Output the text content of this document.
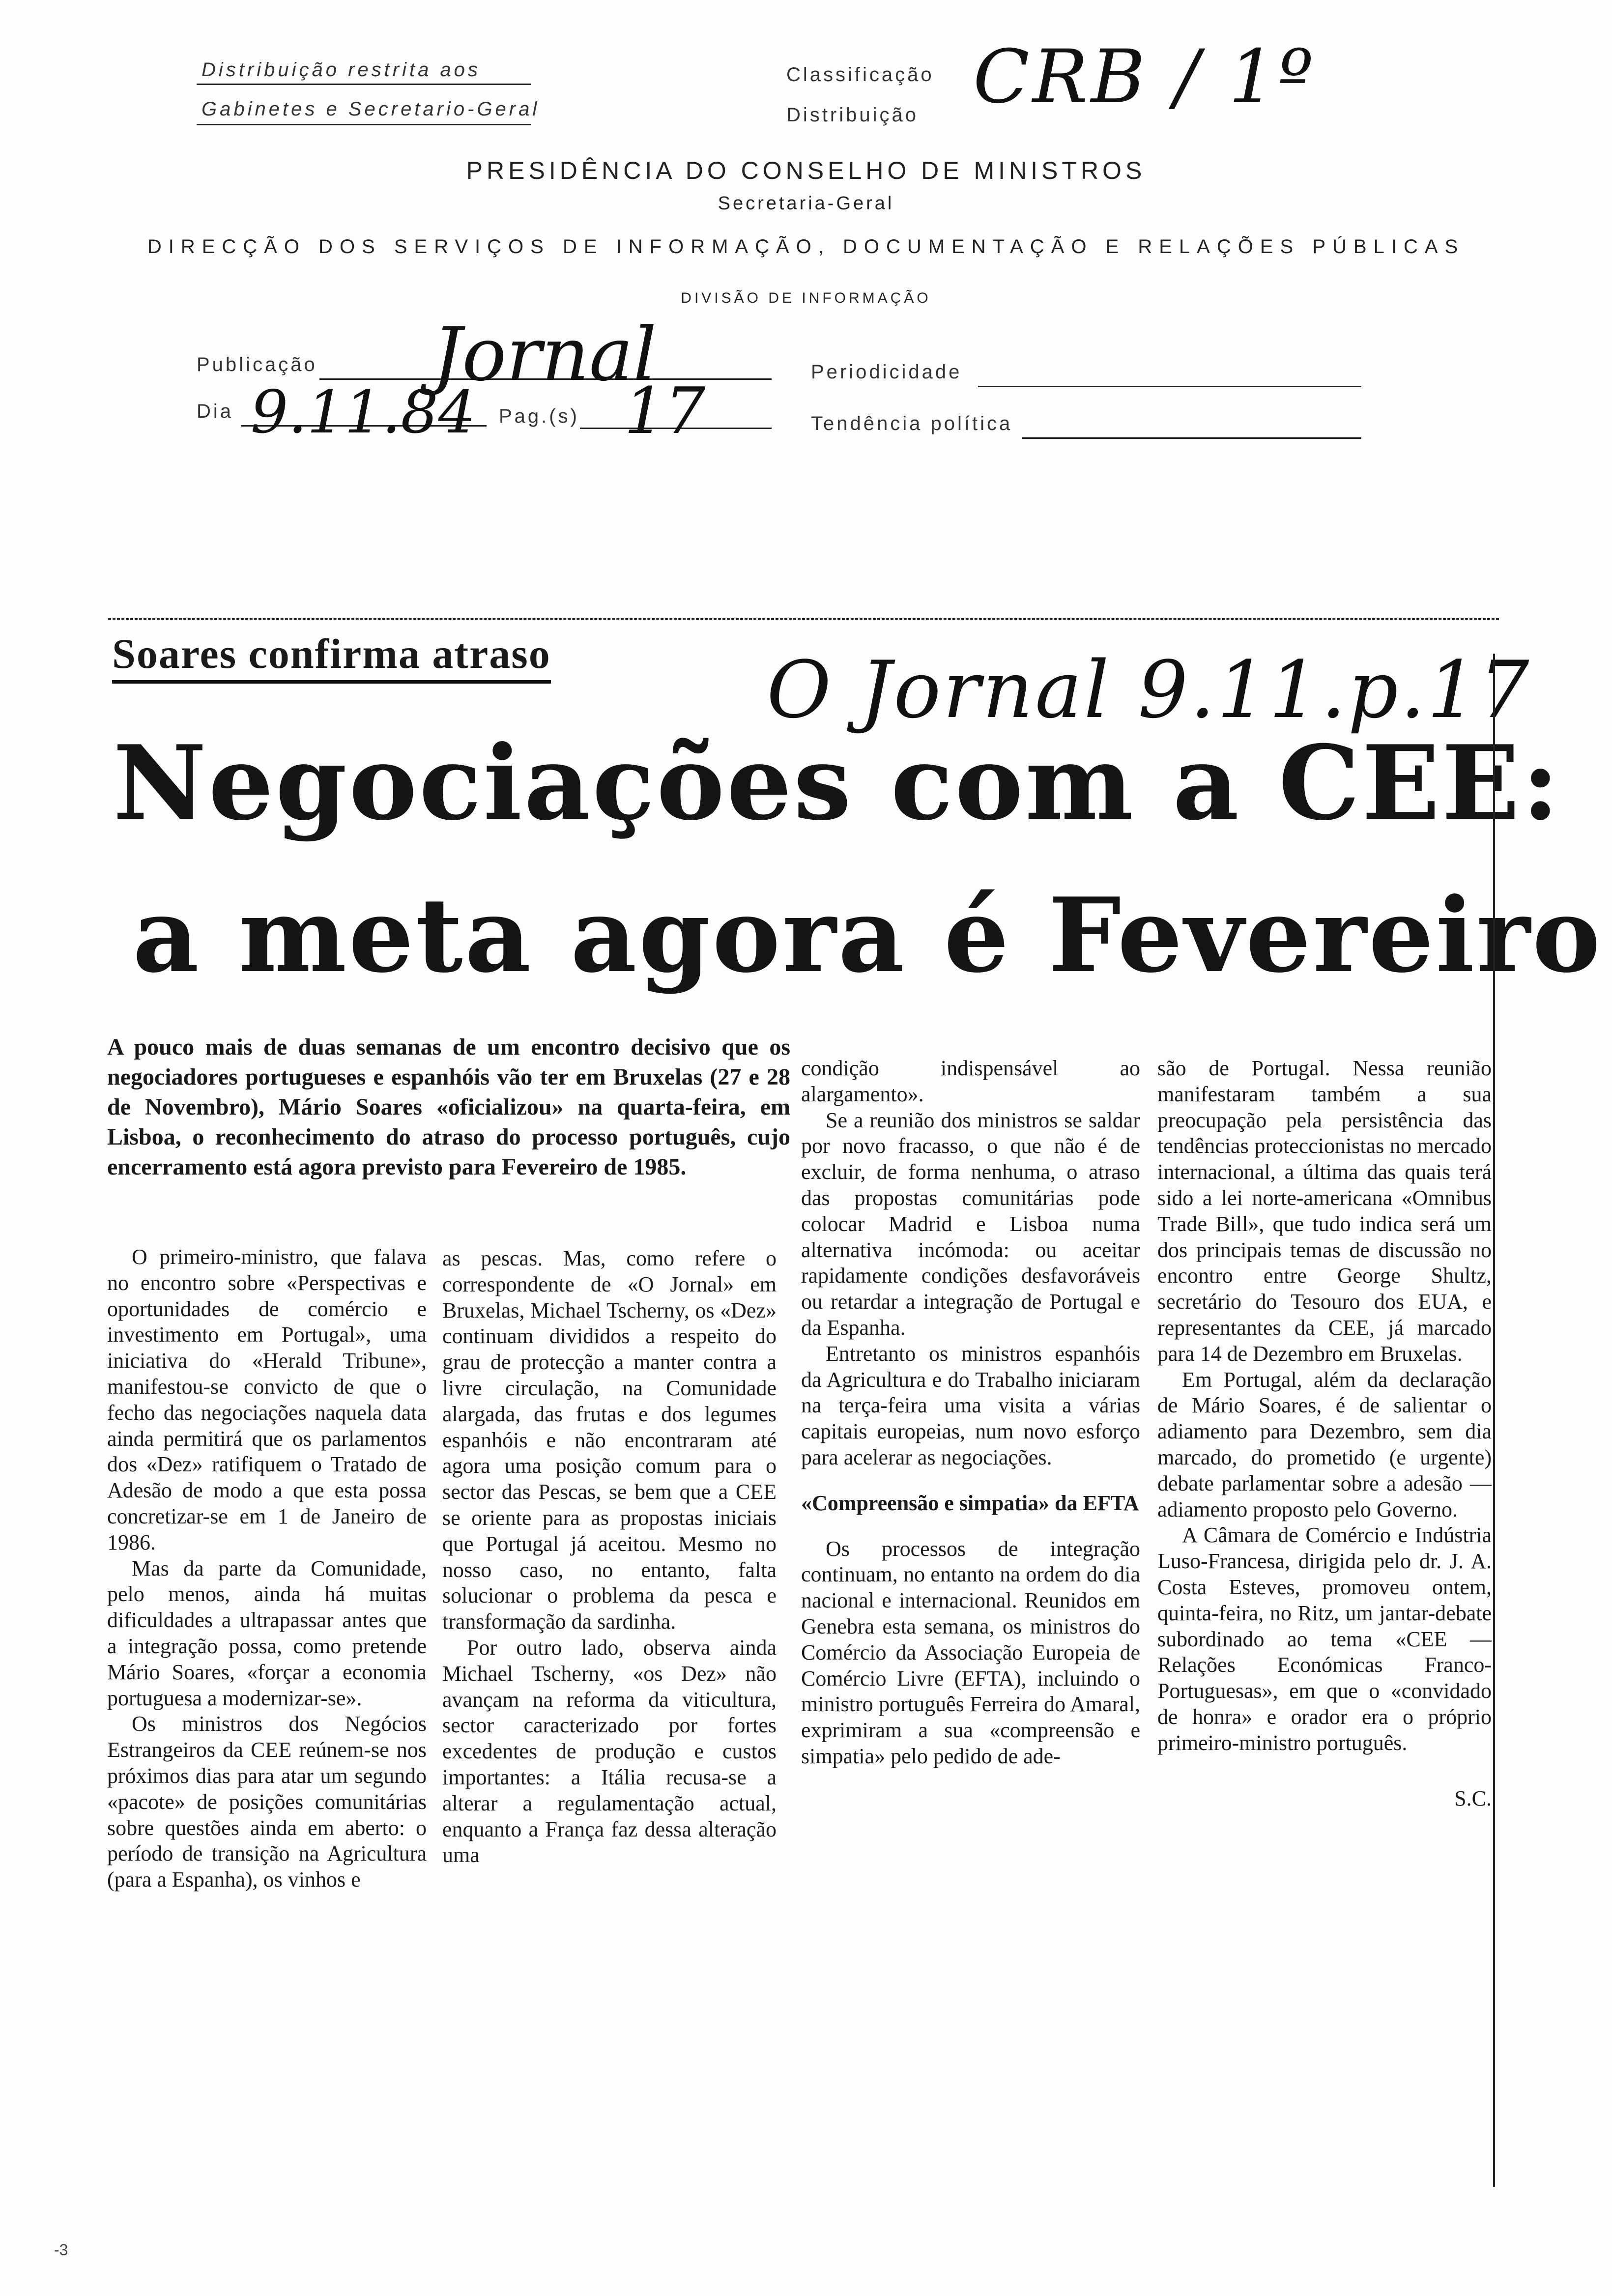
Distribuição restrita aos
Gabinetes e Secretario-Geral
Classificação
Distribuição CRB / 1º
PRESIDÊNCIA DO CONSELHO DE MINISTROS
Secretaria-Geral
DIRECÇÃO DOS SERVIÇOS DE INFORMAÇÃO, DOCUMENTAÇÃO E RELAÇÕES PÚBLICAS
DIVISÃO DE INFORMAÇÃO
Publicação Jornal	Periodicidade
Dia 9.11.84 Pag.(s) 17	Tendência política
Soares confirma atraso	O Jornal 9.11.p.17
Negociações com a CEE:
a meta agora é Fevereiro
A pouco mais de duas semanas de um encontro decisivo que os negociadores portugueses e espanhóis vão ter em Bruxelas (27 e 28 de Novembro), Mário Soares «oficializou» na quarta-feira, em Lisboa, o reconhecimento do atraso do processo português, cujo encerramento está agora previsto para Fevereiro de 1985.

O primeiro-ministro, que falava no encontro sobre «Perspectivas e oportunidades de comércio e investimento em Portugal», uma iniciativa do «Herald Tribune», manifestou-se convicto de que o fecho das negociações naquela data ainda permitirá que os parlamentos dos «Dez» ratifiquem o Tratado de Adesão de modo a que esta possa concretizar-se em 1 de Janeiro de 1986.

Mas da parte da Comunidade, pelo menos, ainda há muitas dificuldades a ultrapassar antes que a integração possa, como pretende Mário Soares, «forçar a economia portuguesa a modernizar-se».

Os ministros dos Negócios Estrangeiros da CEE reúnem-se nos próximos dias para atar um segundo «pacote» de posições comunitárias sobre questões ainda em aberto: o período de transição na Agricultura (para a Espanha), os vinhos e

as pescas. Mas, como refere o correspondente de «O Jornal» em Bruxelas, Michael Tscherny, os «Dez» continuam divididos a respeito do grau de protecção a manter contra a livre circulação, na Comunidade alargada, das frutas e dos legumes espanhóis e não encontraram até agora uma posição comum para o sector das Pescas, se bem que a CEE se oriente para as propostas iniciais que Portugal já aceitou. Mesmo no nosso caso, no entanto, falta solucionar o problema da pesca e transformação da sardinha.

Por outro lado, observa ainda Michael Tscherny, «os Dez» não avançam na reforma da viticultura, sector caracterizado por fortes excedentes de produção e custos importantes: a Itália recusa-se a alterar a regulamentação actual, enquanto a França faz dessa alteração uma

condição indispensável ao alargamento».

Se a reunião dos ministros se saldar por novo fracasso, o que não é de excluir, de forma nenhuma, o atraso das propostas comunitárias pode colocar Madrid e Lisboa numa alternativa incómoda: ou aceitar rapidamente condições desfavoráveis ou retardar a integração de Portugal e da Espanha.

Entretanto os ministros espanhóis da Agricultura e do Trabalho iniciaram na terça-feira uma visita a várias capitais europeias, num novo esforço para acelerar as negociações.

«Compreensão e simpatia» da EFTA

Os processos de integração continuam, no entanto na ordem do dia nacional e internacional. Reunidos em Genebra esta semana, os ministros do Comércio da Associação Europeia de Comércio Livre (EFTA), incluindo o ministro português Ferreira do Amaral, exprimiram a sua «compreensão e simpatia» pelo pedido de ade-

são de Portugal. Nessa reunião manifestaram também a sua preocupação pela persistência das tendências proteccionistas no mercado internacional, a última das quais terá sido a lei norte-americana «Omnibus Trade Bill», que tudo indica será um dos principais temas de discussão no encontro entre George Shultz, secretário do Tesouro dos EUA, e representantes da CEE, já marcado para 14 de Dezembro em Bruxelas.

Em Portugal, além da declaração de Mário Soares, é de salientar o adiamento para Dezembro, sem dia marcado, do prometido (e urgente) debate parlamentar sobre a adesão — adiamento proposto pelo Governo.

A Câmara de Comércio e Indústria Luso-Francesa, dirigida pelo dr. J. A. Costa Esteves, promoveu ontem, quinta-feira, no Ritz, um jantar-debate subordinado ao tema «CEE — Relações Económicas Franco-Portuguesas», em que o «convidado de honra» e orador era o próprio primeiro-ministro português.

S.C.

-3
